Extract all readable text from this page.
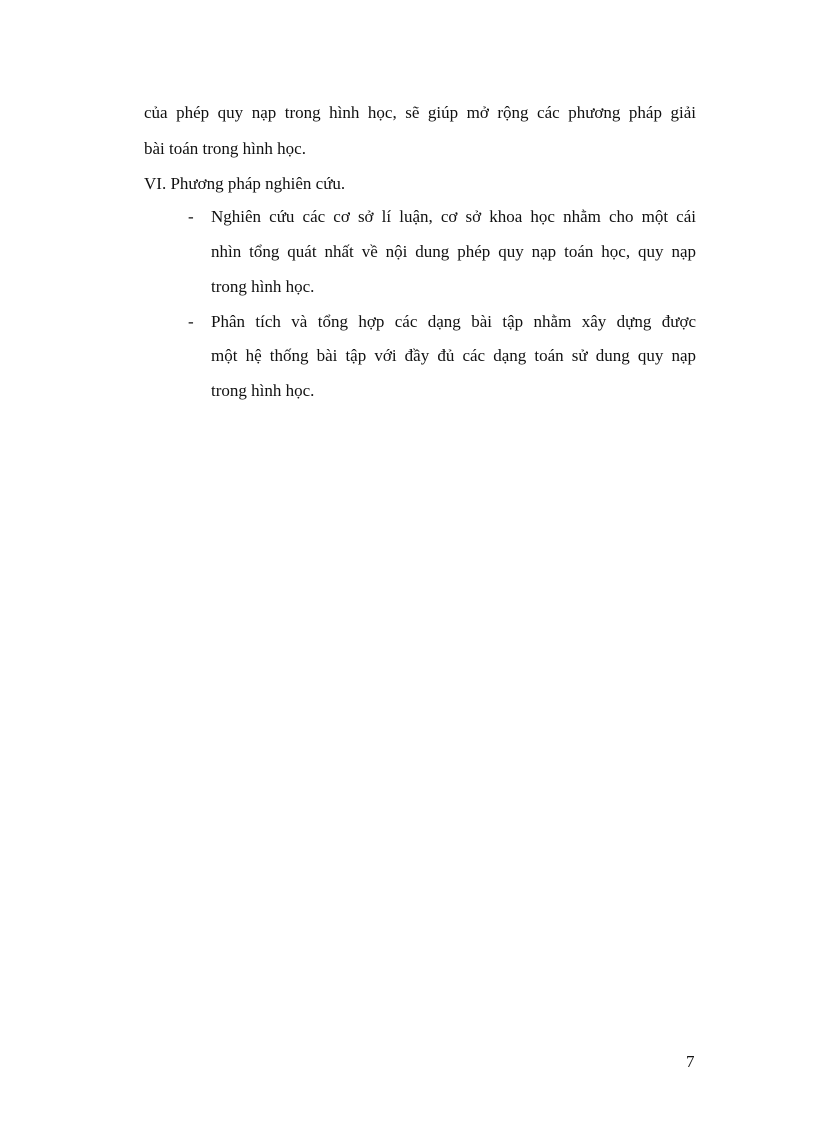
của phép quy nạp trong hình học, sẽ giúp mở rộng các phương pháp giải
bài toán trong hình học.
VI. Phương pháp nghiên cứu.
- Nghiên cứu các cơ sở lí luận, cơ sở khoa học nhằm cho một cái
nhìn tổng quát nhất về nội dung phép quy nạp toán học, quy nạp
trong hình học.
- Phân tích và tổng hợp các dạng bài tập nhằm xây dựng được
một hệ thống bài tập với đầy đủ các dạng toán sử dung quy nạp
trong hình học.
7
